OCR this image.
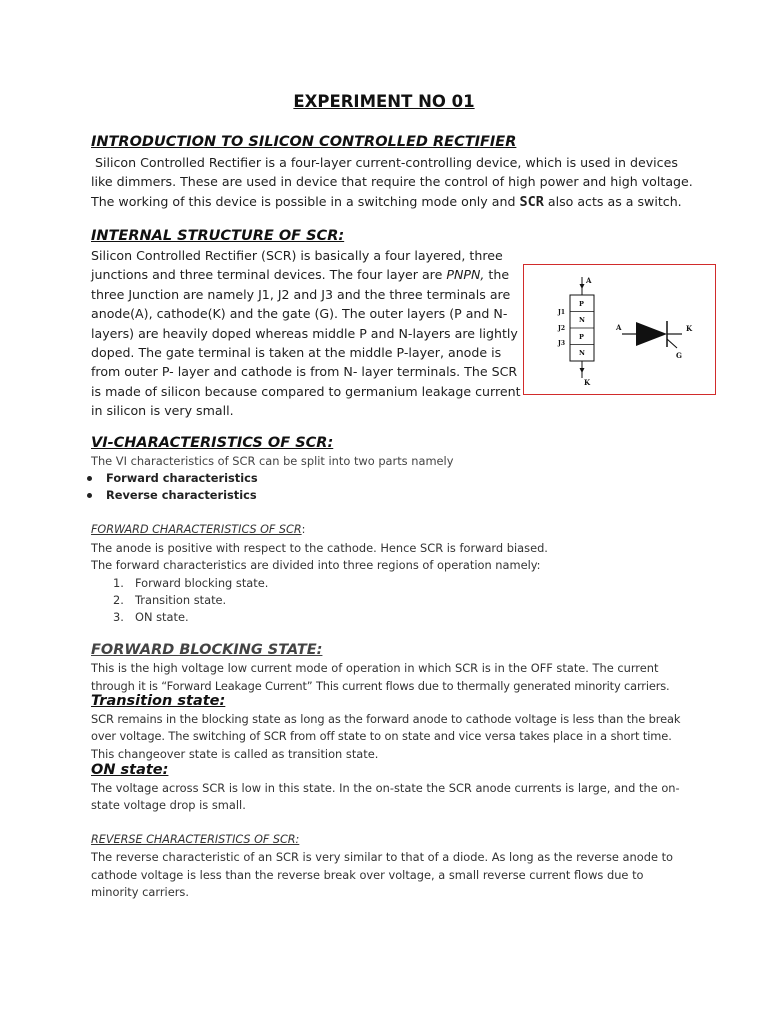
EXPERIMENT NO 01
INTRODUCTION TO SILICON CONTROLLED RECTIFIER
Silicon Controlled Rectifier is a four-layer current-controlling device, which is used in devices
like dimmers. These are used in device that require the control of high power and high voltage.
The working of this device is possible in a switching mode only and SCR also acts as a switch.
INTERNAL STRUCTURE OF SCR:
Silicon Controlled Rectifier (SCR) is basically a four layered, three
junctions and three terminal devices. The four layer are PNPN, the
three Junction are namely J1, J2 and J3 and the three terminals are
anode(A), cathode(K) and the gate (G). The outer layers (P and N-
layers) are heavily doped whereas middle P and N-layers are lightly
doped. The gate terminal is taken at the middle P-layer, anode is
from outer P- layer and cathode is from N- layer terminals. The SCR
is made of silicon because compared to germanium leakage current
in silicon is very small.
A
P
N
P
N
J1
J2
J3
K
A	K
G
VI-CHARACTERISTICS OF SCR:
The VI characteristics of SCR can be split into two parts namely
Forward characteristics
Reverse characteristics
FORWARD CHARACTERISTICS OF SCR:
The anode is positive with respect to the cathode. Hence SCR is forward biased.
The forward characteristics are divided into three regions of operation namely:
1. Forward blocking state.
2. Transition state.
3. ON state.
FORWARD BLOCKING STATE:
This is the high voltage low current mode of operation in which SCR is in the OFF state. The current
through it is “Forward Leakage Current” This current flows due to thermally generated minority carriers.
Transition state:
SCR remains in the blocking state as long as the forward anode to cathode voltage is less than the break
over voltage. The switching of SCR from off state to on state and vice versa takes place in a short time.
This changeover state is called as transition state.
ON state:
The voltage across SCR is low in this state. In the on-state the SCR anode currents is large, and the on-
state voltage drop is small.
REVERSE CHARACTERISTICS OF SCR:
The reverse characteristic of an SCR is very similar to that of a diode. As long as the reverse anode to
cathode voltage is less than the reverse break over voltage, a small reverse current flows due to
minority carriers.
